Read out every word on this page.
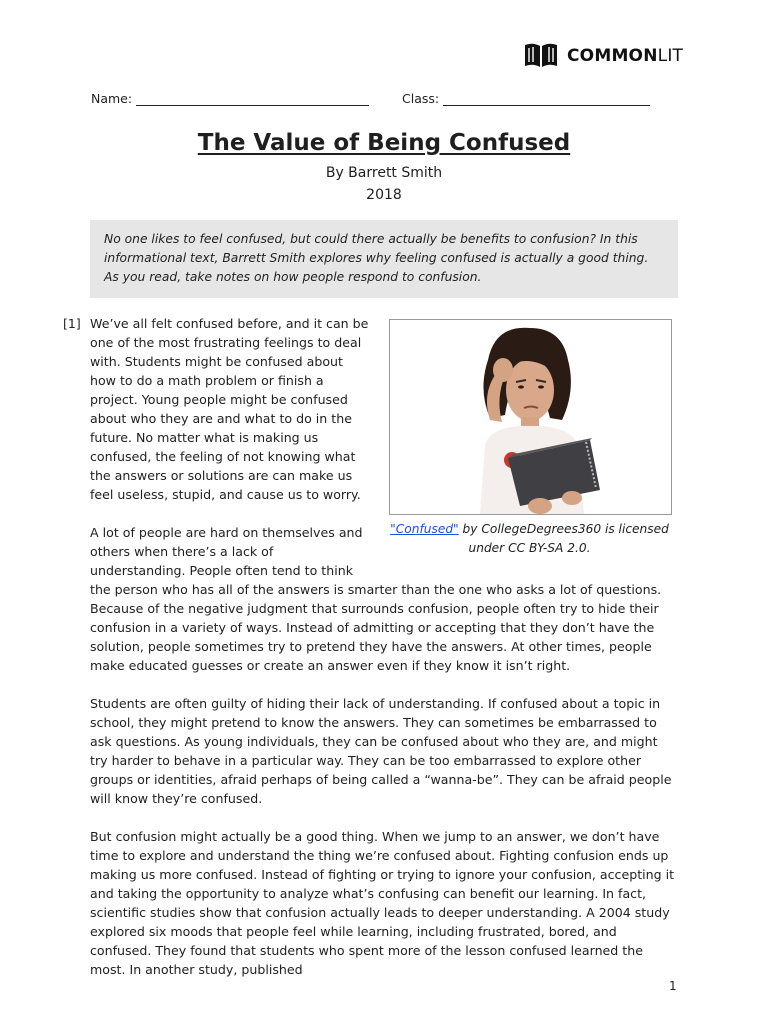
COMMONLIT
Name:	Class:
The Value of Being Confused
By Barrett Smith
2018
No one likes to feel confused, but could there actually be benefits to confusion? In this informational text, Barrett Smith explores why feeling confused is actually a good thing. As you read, take notes on how people respond to confusion.
[1]
"Confused" by CollegeDegrees360 is licensed under CC BY-SA 2.0.

We’ve all felt confused before, and it can be one of the most frustrating feelings to deal with. Students might be confused about how to do a math problem or finish a project. Young people might be confused about who they are and what to do in the future. No matter what is making us confused, the feeling of not knowing what the answers or solutions are can make us feel useless, stupid, and cause us to worry.

A lot of people are hard on themselves and others when there’s a lack of understanding. People often tend to think the person who has all of the answers is smarter than the one who asks a lot of questions. Because of the negative judgment that surrounds confusion, people often try to hide their confusion in a variety of ways. Instead of admitting or accepting that they don’t have the solution, people sometimes try to pretend they have the answers. At other times, people make educated guesses or create an answer even if they know it isn’t right.

Students are often guilty of hiding their lack of understanding. If confused about a topic in school, they might pretend to know the answers. They can sometimes be embarrassed to ask questions. As young individuals, they can be confused about who they are, and might try harder to behave in a particular way. They can be too embarrassed to explore other groups or identities, afraid perhaps of being called a “wanna-be”. They can be afraid people will know they’re confused.

But confusion might actually be a good thing. When we jump to an answer, we don’t have time to explore and understand the thing we’re confused about. Fighting confusion ends up making us more confused. Instead of fighting or trying to ignore your confusion, accepting it and taking the opportunity to analyze what’s confusing can benefit our learning. In fact, scientific studies show that confusion actually leads to deeper understanding. A 2004 study explored six moods that people feel while learning, including frustrated, bored, and confused. They found that students who spent more of the lesson confused learned the most. In another study, published

1
